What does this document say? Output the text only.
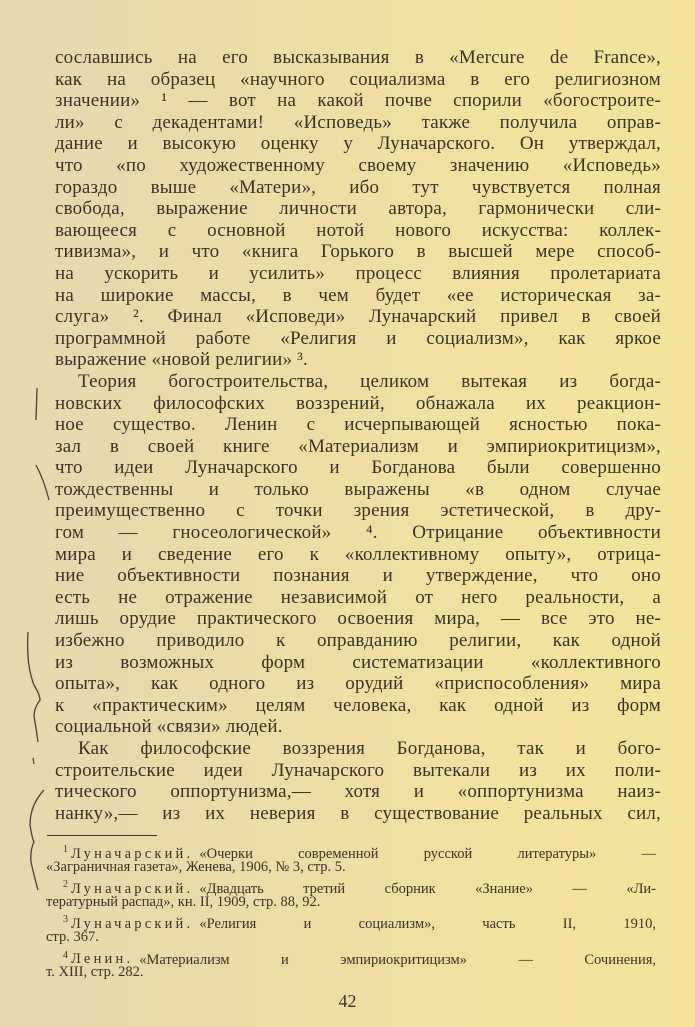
сославшись на его высказывания в «Mercure de France»,
как на образец «научного социализма в его религиозном
значении» ¹ — вот на какой почве спорили «богостроите-
ли» с декадентами! «Исповедь» также получила оправ-
дание и высокую оценку у Луначарского. Он утверждал,
что «по художественному своему значению «Исповедь»
гораздо выше «Матери», ибо тут чувствуется полная
свобода, выражение личности автора, гармонически сли-
вающееся с основной нотой нового искусства: коллек-
тивизма», и что «книга Горького в высшей мере способ-
на ускорить и усилить» процесс влияния пролетариата
на широкие массы, в чем будет «ее историческая за-
слуга» ². Финал «Исповеди» Луначарский привел в своей
программной работе «Религия и социализм», как яркое
выражение «новой религии» ³.
Теория богостроительства, целиком вытекая из богда-
новских философских воззрений, обнажала их реакцион-
ное существо. Ленин с исчерпывающей ясностью пока-
зал в своей книге «Материализм и эмпириокритицизм»,
что идеи Луначарского и Богданова были совершенно
тождественны и только выражены «в одном случае
преимущественно с точки зрения эстетической, в дру-
гом — гносеологической» ⁴. Отрицание объективности
мира и сведение его к «коллективному опыту», отрица-
ние объективности познания и утверждение, что оно
есть не отражение независимой от него реальности, а
лишь орудие практического освоения мира, — все это не-
избежно приводило к оправданию религии, как одной
из возможных форм систематизации «коллективного
опыта», как одного из орудий «приспособления» мира
к «практическим» целям человека, как одной из форм
социальной «связи» людей.
Как философские воззрения Богданова, так и бого-
строительские идеи Луначарского вытекали из их поли-
тического оппортунизма,— хотя и «оппортунизма наиз-
нанку»,— из их неверия в существование реальных сил,
$^1$ Луначарский. «Очерки современной русской литературы» —
«Заграничная газета», Женева, 1906, № 3, стр. 5.
$^2$ Луначарский. «Двадцать третий сборник «Знание» — «Ли-
тературный распад», кн. II, 1909, стр. 88, 92.
$^3$ Луначарский. «Религия и социализм», часть II, 1910,
стр. 367.
$^4$ Ленин. «Материализм и эмпириокритицизм» — Сочинения,
т. XIII, стр. 282.
42
